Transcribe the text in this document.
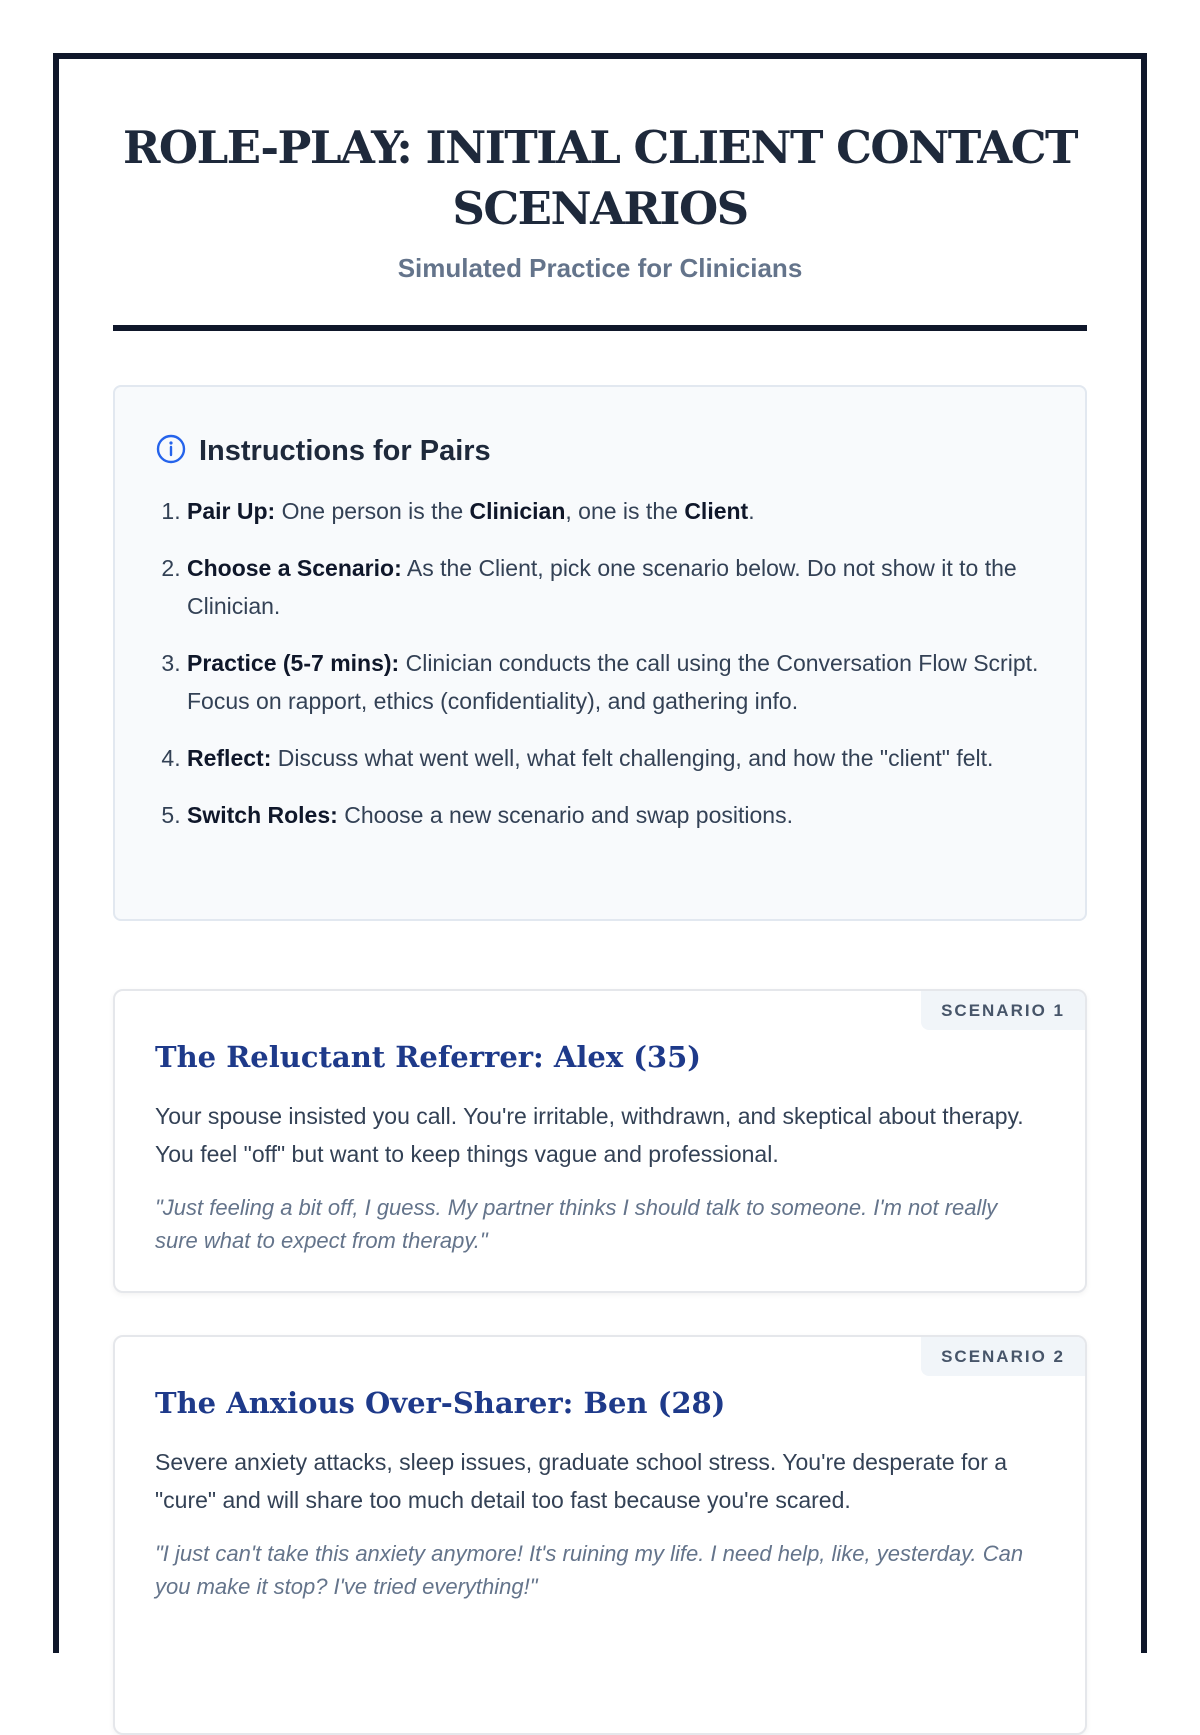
ROLE-PLAY: INITIAL CLIENT CONTACT SCENARIOS
Simulated Practice for Clinicians
Instructions for Pairs
1. Pair Up: One person is the Clinician, one is the Client.
2. Choose a Scenario: As the Client, pick one scenario below. Do not show it to the Clinician.
3. Practice (5-7 mins): Clinician conducts the call using the Conversation Flow Script. Focus on rapport, ethics (confidentiality), and gathering info.
4. Reflect: Discuss what went well, what felt challenging, and how the "client" felt.
5. Switch Roles: Choose a new scenario and swap positions.
SCENARIO 1
The Reluctant Referrer: Alex (35)
Your spouse insisted you call. You're irritable, withdrawn, and skeptical about therapy. You feel "off" but want to keep things vague and professional.
"Just feeling a bit off, I guess. My partner thinks I should talk to someone. I'm not really sure what to expect from therapy."
SCENARIO 2
The Anxious Over-Sharer: Ben (28)
Severe anxiety attacks, sleep issues, graduate school stress. You're desperate for a "cure" and will share too much detail too fast because you're scared.
"I just can't take this anxiety anymore! It's ruining my life. I need help, like, yesterday. Can you make it stop? I've tried everything!"
